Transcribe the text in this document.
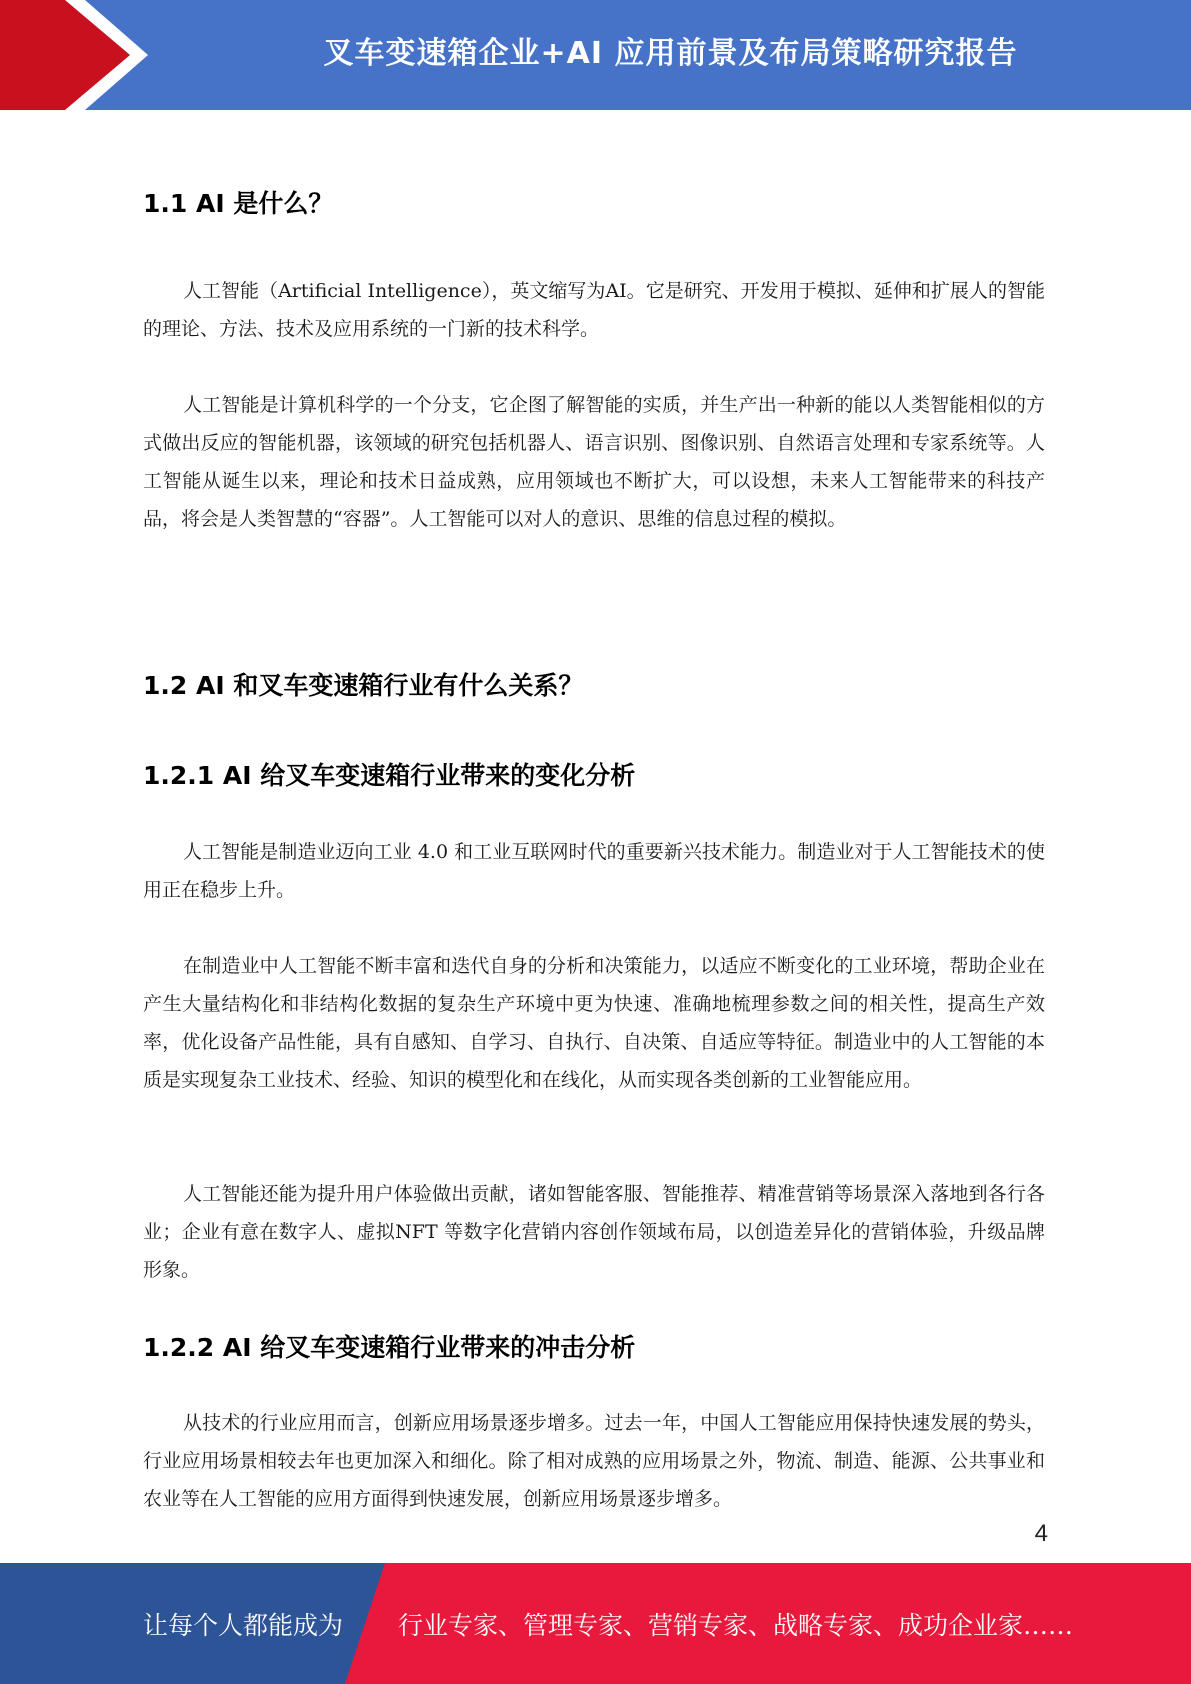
叉车变速箱企业+AI 应用前景及布局策略研究报告
1.1 AI 是什么？
人工智能（Artificial Intelligence），英文缩写为AI。它是研究、开发用于模拟、延伸和扩展人的智能的理论、方法、技术及应用系统的一门新的技术科学。
人工智能是计算机科学的一个分支，它企图了解智能的实质，并生产出一种新的能以人类智能相似的方式做出反应的智能机器，该领域的研究包括机器人、语言识别、图像识别、自然语言处理和专家系统等。人工智能从诞生以来，理论和技术日益成熟，应用领域也不断扩大，可以设想，未来人工智能带来的科技产品，将会是人类智慧的“容器”。人工智能可以对人的意识、思维的信息过程的模拟。
1.2 AI 和叉车变速箱行业有什么关系？
1.2.1 AI 给叉车变速箱行业带来的变化分析
人工智能是制造业迈向工业 4.0 和工业互联网时代的重要新兴技术能力。制造业对于人工智能技术的使用正在稳步上升。
在制造业中人工智能不断丰富和迭代自身的分析和决策能力，以适应不断变化的工业环境，帮助企业在产生大量结构化和非结构化数据的复杂生产环境中更为快速、准确地梳理参数之间的相关性，提高生产效率，优化设备产品性能，具有自感知、自学习、自执行、自决策、自适应等特征。制造业中的人工智能的本质是实现复杂工业技术、经验、知识的模型化和在线化，从而实现各类创新的工业智能应用。
人工智能还能为提升用户体验做出贡献，诸如智能客服、智能推荐、精准营销等场景深入落地到各行各业；企业有意在数字人、虚拟NFT 等数字化营销内容创作领域布局，以创造差异化的营销体验，升级品牌形象。
1.2.2 AI 给叉车变速箱行业带来的冲击分析
从技术的行业应用而言，创新应用场景逐步增多。过去一年，中国人工智能应用保持快速发展的势头，行业应用场景相较去年也更加深入和细化。除了相对成熟的应用场景之外，物流、制造、能源、公共事业和农业等在人工智能的应用方面得到快速发展，创新应用场景逐步增多。
4
让每个人都能成为	行业专家、管理专家、营销专家、战略专家、成功企业家……
